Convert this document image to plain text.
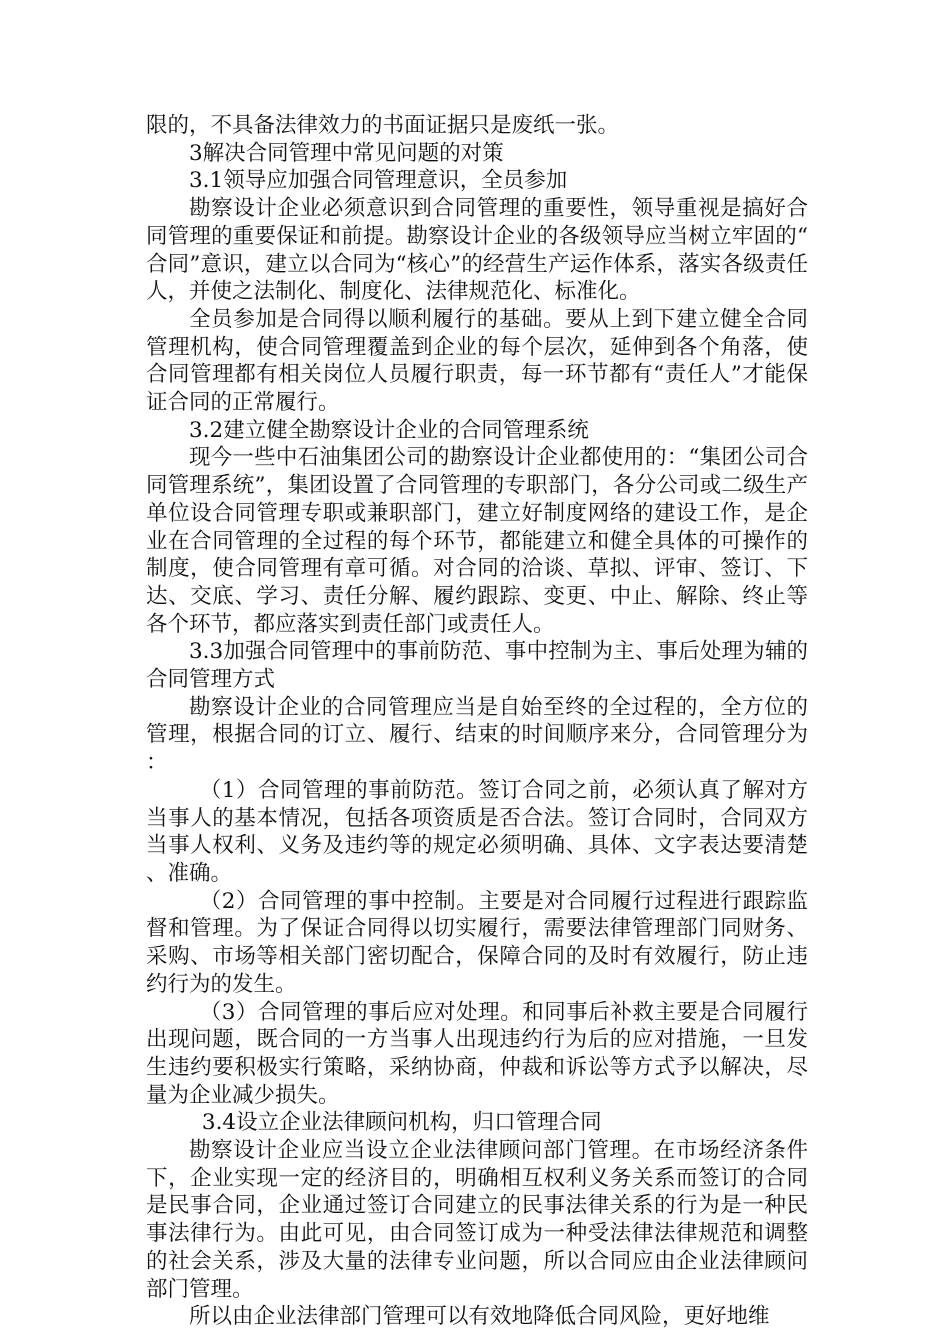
限的，不具备法律效力的书面证据只是废纸一张。

3解决合同管理中常见问题的对策

3.1领导应加强合同管理意识，全员参加

勘察设计企业必须意识到合同管理的重要性，领导重视是搞好合同管理的重要保证和前提。勘察设计企业的各级领导应当树立牢固的“合同”意识，建立以合同为“核心”的经营生产运作体系，落实各级责任人，并使之法制化、制度化、法律规范化、标准化。

全员参加是合同得以顺利履行的基础。要从上到下建立健全合同管理机构，使合同管理覆盖到企业的每个层次，延伸到各个角落，使合同管理都有相关岗位人员履行职责，每一环节都有“责任人”才能保证合同的正常履行。

3.2建立健全勘察设计企业的合同管理系统

现今一些中石油集团公司的勘察设计企业都使用的：“集团公司合同管理系统”，集团设置了合同管理的专职部门，各分公司或二级生产单位设合同管理专职或兼职部门，建立好制度网络的建设工作，是企业在合同管理的全过程的每个环节，都能建立和健全具体的可操作的制度，使合同管理有章可循。对合同的洽谈、草拟、评审、签订、下达、交底、学习、责任分解、履约跟踪、变更、中止、解除、终止等各个环节，都应落实到责任部门或责任人。

3.3加强合同管理中的事前防范、事中控制为主、事后处理为辅的合同管理方式

勘察设计企业的合同管理应当是自始至终的全过程的，全方位的管理，根据合同的订立、履行、结束的时间顺序来分，合同管理分为：

（1）合同管理的事前防范。签订合同之前，必须认真了解对方当事人的基本情况，包括各项资质是否合法。签订合同时，合同双方当事人权利、义务及违约等的规定必须明确、具体、文字表达要清楚、准确。

（2）合同管理的事中控制。主要是对合同履行过程进行跟踪监督和管理。为了保证合同得以切实履行，需要法律管理部门同财务、采购、市场等相关部门密切配合，保障合同的及时有效履行，防止违约行为的发生。

（3）合同管理的事后应对处理。和同事后补救主要是合同履行出现问题，既合同的一方当事人出现违约行为后的应对措施，一旦发生违约要积极实行策略，采纳协商，仲裁和诉讼等方式予以解决，尽量为企业减少损失。

3.4设立企业法律顾问机构，归口管理合同

勘察设计企业应当设立企业法律顾问部门管理。在市场经济条件下，企业实现一定的经济目的，明确相互权利义务关系而签订的合同是民事合同，企业通过签订合同建立的民事法律关系的行为是一种民事法律行为。由此可见，由合同签订成为一种受法律法律规范和调整的社会关系，涉及大量的法律专业问题，所以合同应由企业法律顾问部门管理。

所以由企业法律部门管理可以有效地降低合同风险，更好地维
